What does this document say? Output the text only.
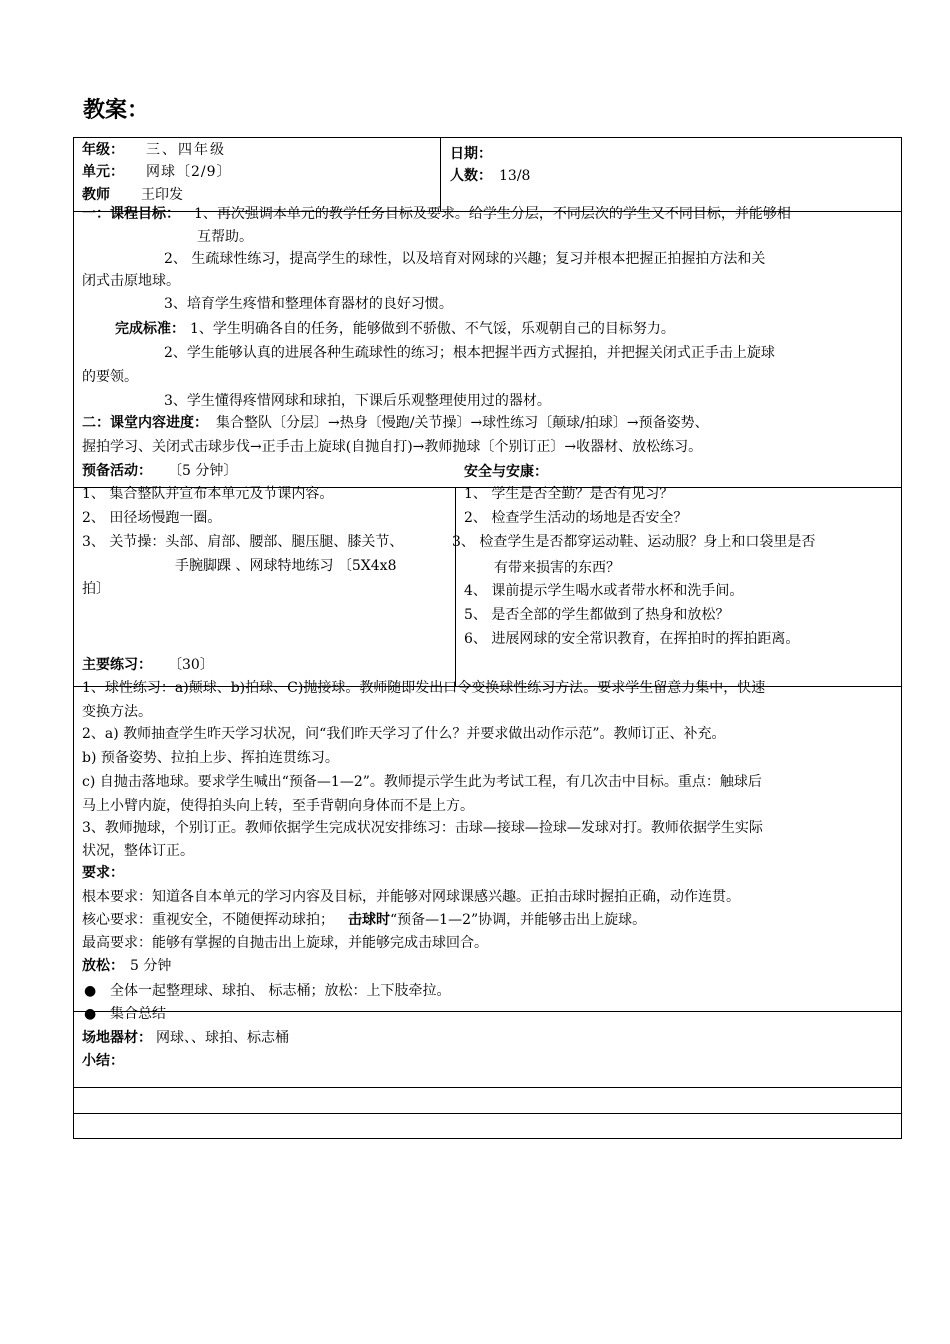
教案：
年级： 三、四年级
单元： 网球〔2/9〕
教师 王印发
日期：
人数： 13/8
一：课程目标： 1、再次强调本单元的教学任务目标及要求。给学生分层，不同层次的学生又不同目标，并能够相
互帮助。
2、 生疏球性练习，提高学生的球性，以及培育对网球的兴趣；复习并根本把握正拍握拍方法和关
闭式击原地球。
3、培育学生疼惜和整理体育器材的良好习惯。
完成标准： 1、学生明确各自的任务，能够做到不骄傲、不气馁，乐观朝自己的目标努力。
2、学生能够认真的进展各种生疏球性的练习；根本把握半西方式握拍，并把握关闭式正手击上旋球
的要领。
3、学生懂得疼惜网球和球拍，下课后乐观整理使用过的器材。
二：课堂内容进度： 集合整队〔分层〕→热身〔慢跑/关节操〕→球性练习〔颠球/拍球〕→预备姿势、
握拍学习、关闭式击球步伐→正手击上旋球(自抛自打)→教师抛球〔个别订正〕→收器材、放松练习。
预备活动： 〔5 分钟〕	安全与安康：
1、 集合整队并宣布本单元及节课内容。
2、 田径场慢跑一圈。
3、 关节操：头部、肩部、腰部、腿压腿、膝关节、
手腕脚踝 、网球特地练习 〔5X4x8
拍〕
1、 学生是否全勤？是否有见习？
2、 检查学生活动的场地是否安全？
3、 检查学生是否都穿运动鞋、运动服？身上和口袋里是否
有带来损害的东西？
4、 课前提示学生喝水或者带水杯和洗手间。
5、 是否全部的学生都做到了热身和放松？
6、 进展网球的安全常识教育，在挥拍时的挥拍距离。
主要练习： 〔30〕
1、球性练习：a)颠球、b)拍球、C)抛接球。教师随即发出口令变换球性练习方法。要求学生留意力集中，快速
变换方法。
2、a) 教师抽查学生昨天学习状况，问“我们昨天学习了什么？并要求做出动作示范”。教师订正、补充。
b) 预备姿势、拉拍上步、挥拍连贯练习。
c) 自抛击落地球。要求学生喊出“预备—1—2”。教师提示学生此为考试工程，有几次击中目标。重点：触球后
马上小臂内旋，使得拍头向上转，至手背朝向身体而不是上方。
3、教师抛球，个别订正。教师依据学生完成状况安排练习：击球—接球—捡球—发球对打。教师依据学生实际
状况，整体订正。
要求：
根本要求：知道各自本单元的学习内容及目标，并能够对网球课感兴趣。正拍击球时握拍正确，动作连贯。
核心要求：重视安全，不随便挥动球拍； 击球时“预备—1—2”协调，并能够击出上旋球。
最高要求：能够有掌握的自抛击出上旋球，并能够完成击球回合。
放松： 5 分钟
● 全体一起整理球、球拍、 标志桶；放松：上下肢牵拉。
● 集合总结
场地器材： 网球、、球拍、标志桶
小结：
